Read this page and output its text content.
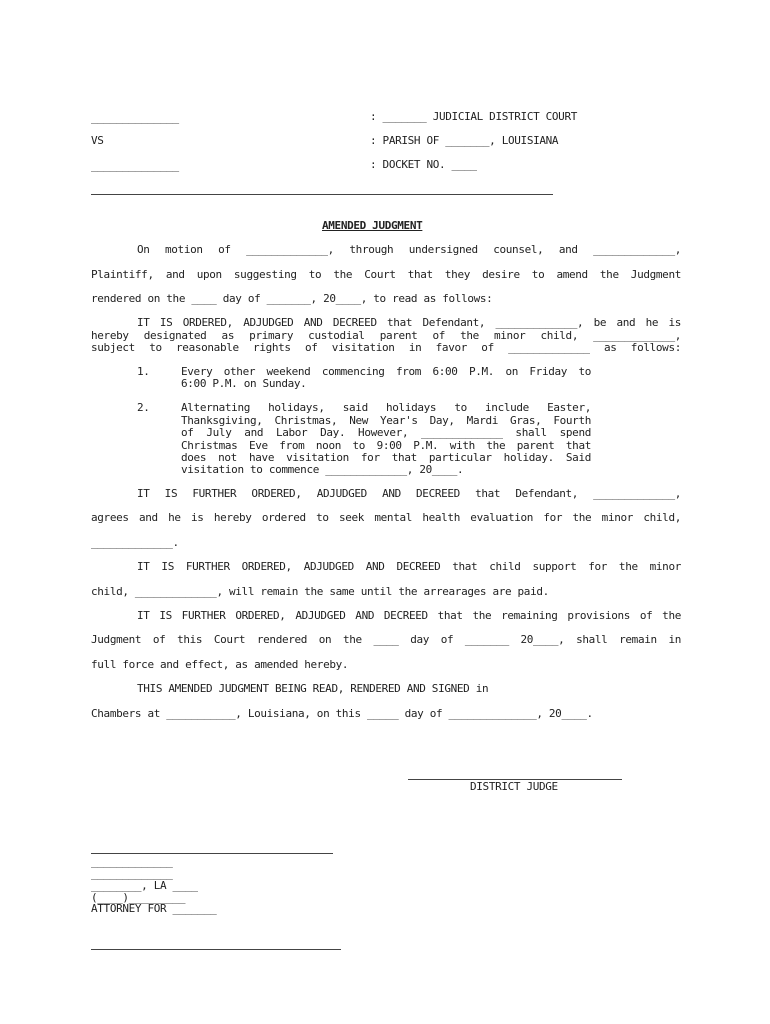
______________
VS
______________
: _______ JUDICIAL DISTRICT COURT
: PARISH OF _______, LOUISIANA
: DOCKET NO. ____
AMENDED JUDGMENT
On motion of _____________, through undersigned counsel, and _____________,
Plaintiff, and upon suggesting to the Court that they desire to amend the Judgment
rendered on the ____ day of _______, 20____, to read as follows:
IT IS ORDERED, ADJUDGED AND DECREED that Defendant, _____________, be and he is
hereby designated as primary custodial parent of the minor child, _____________,
subject to reasonable rights of visitation in favor of _____________ as follows:
1.	Every other weekend commencing from 6:00 P.M. on Friday to
6:00 P.M. on Sunday.
2.	Alternating holidays, said holidays to include Easter,
Thanksgiving, Christmas, New Year's Day, Mardi Gras, Fourth
of July and Labor Day. However, _____________ shall spend
Christmas Eve from noon to 9:00 P.M. with the parent that
does not have visitation for that particular holiday. Said
visitation to commence _____________, 20____.
IT IS FURTHER ORDERED, ADJUDGED AND DECREED that Defendant, _____________,
agrees and he is hereby ordered to seek mental health evaluation for the minor child,
_____________.
IT IS FURTHER ORDERED, ADJUDGED AND DECREED that child support for the minor
child, _____________, will remain the same until the arrearages are paid.
IT IS FURTHER ORDERED, ADJUDGED AND DECREED that the remaining provisions of the
Judgment of this Court rendered on the ____ day of _______ 20____, shall remain in
full force and effect, as amended hereby.
THIS AMENDED JUDGMENT BEING READ, RENDERED AND SIGNED in
Chambers at ___________, Louisiana, on this _____ day of ______________, 20____.
DISTRICT JUDGE
_____________
_____________
________, LA ____
(____)_________
ATTORNEY FOR _______
